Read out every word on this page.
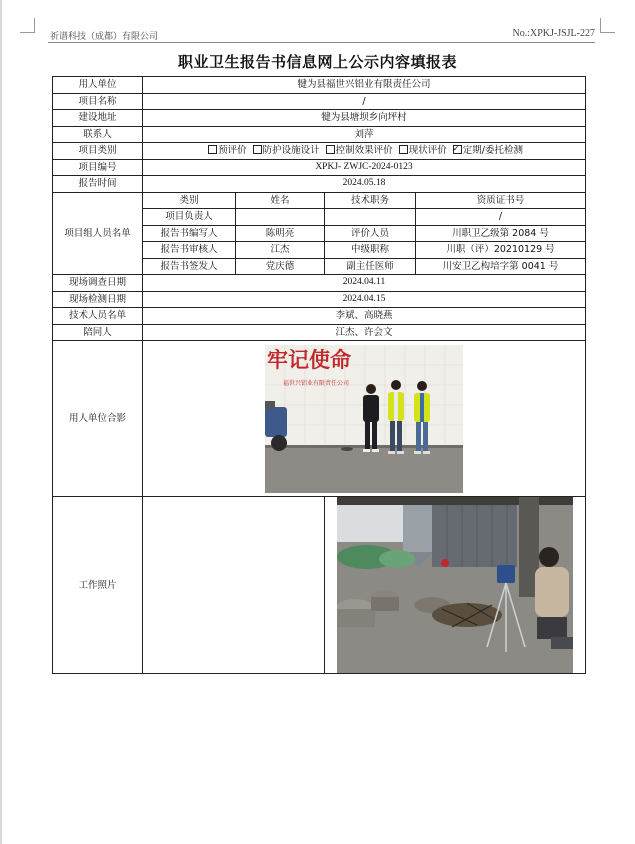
祈谱科技（成都）有限公司	No.:XPKJ-JSJL-227
职业卫生报告书信息网上公示内容填报表
用人单位	犍为县福世兴铝业有限责任公司			
项目名称	/			
建设地址	犍为县塘坝乡向坪村			
联系人	刘萍			
项目类别	预评价 防护设施设计 控制效果评价 现状评价 ✓ 定期/委托检测
项目编号	XPKJ- ZWJC-2024-0123			
报告时间	2024.05.18			
项目组人员名单	类别	姓名	技术职务	资质证书号
	项目负责人			/
	报告书编写人	陈明亮	评价人员	川职卫乙级第 2084 号
	报告书审核人	江杰	中级职称	川职（评）20210129 号
	报告书签发人	党庆德	副主任医师	川安卫乙构培字第 0041 号
现场调查日期	2024.04.11			
现场检测日期	2024.04.15			
技术人员名单	李斌、高晓燕			
陪同人	江杰、许会文			
用人单位合影	牢记使命
福世兴铝业有限责任公司			

工作照片		
